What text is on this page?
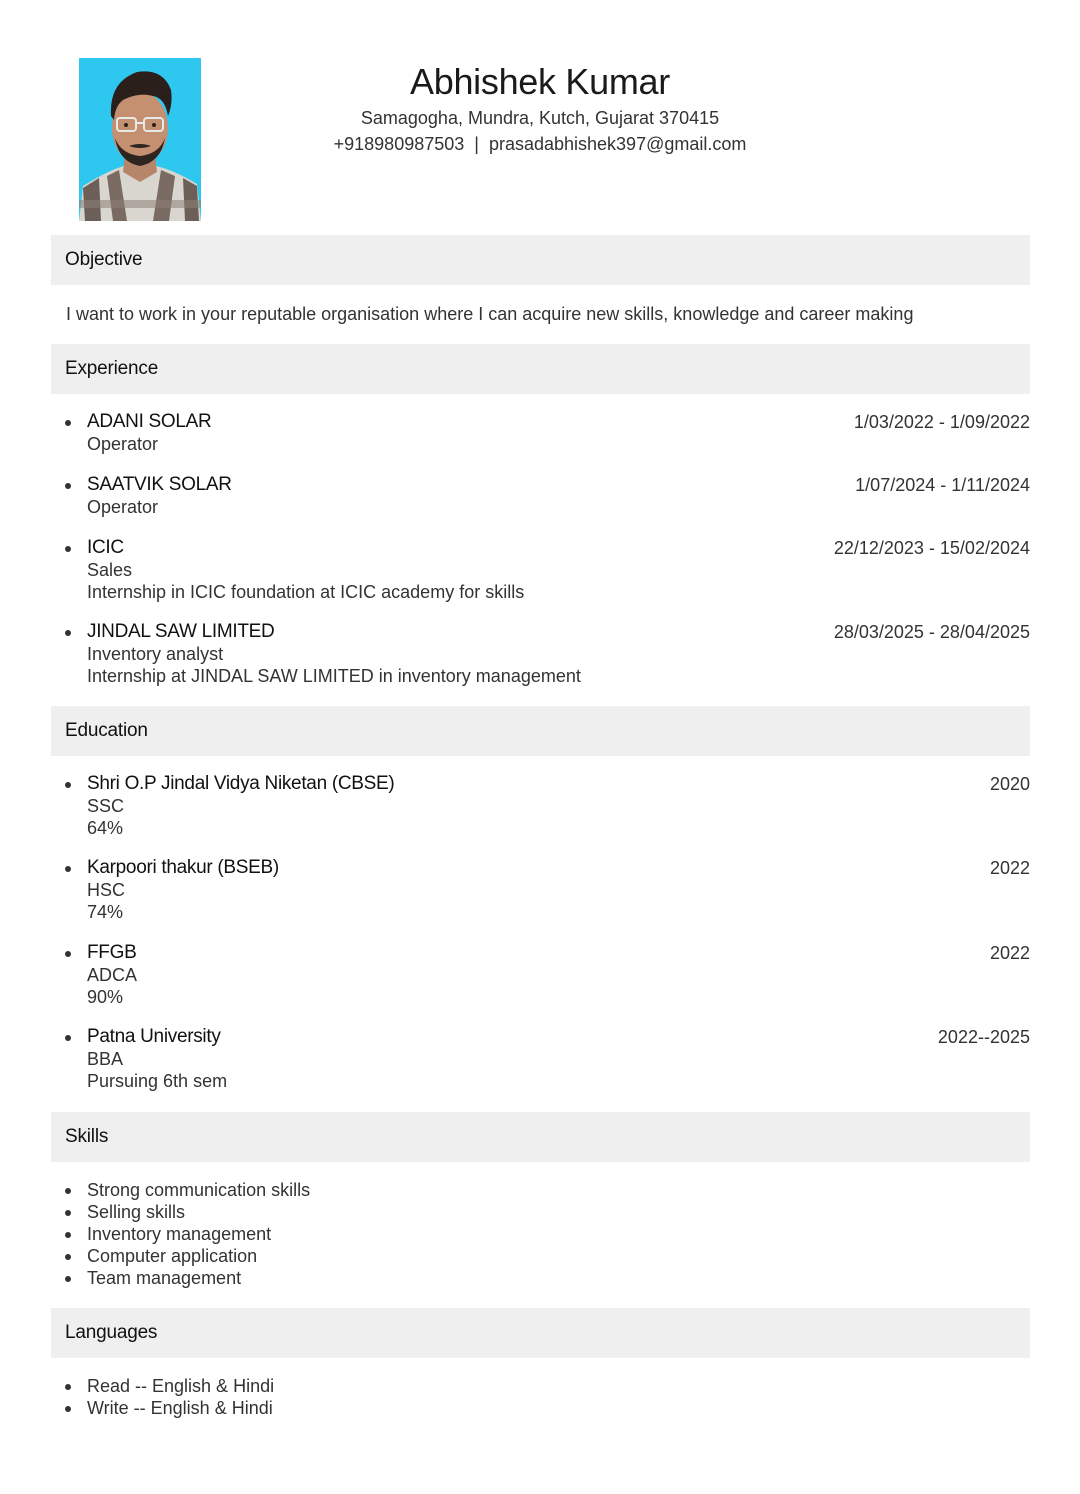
Abhishek Kumar
Samagogha, Mundra, Kutch, Gujarat 370415
+918980987503 | prasadabhishek397@gmail.com
Objective
I want to work in your reputable organisation where I can acquire new skills, knowledge and career making
Experience
ADANI SOLAR	1/03/2022 - 1/09/2022
Operator
SAATVIK SOLAR	1/07/2024 - 1/11/2024
Operator
ICIC	22/12/2023 - 15/02/2024
Sales
Internship in ICIC foundation at ICIC academy for skills
JINDAL SAW LIMITED	28/03/2025 - 28/04/2025
Inventory analyst
Internship at JINDAL SAW LIMITED in inventory management
Education
Shri O.P Jindal Vidya Niketan (CBSE)	2020
SSC
64%
Karpoori thakur (BSEB)	2022
HSC
74%
FFGB	2022
ADCA
90%
Patna University	2022--2025
BBA
Pursuing 6th sem
Skills
Strong communication skills
Selling skills
Inventory management
Computer application
Team management
Languages
Read -- English & Hindi
Write -- English & Hindi
